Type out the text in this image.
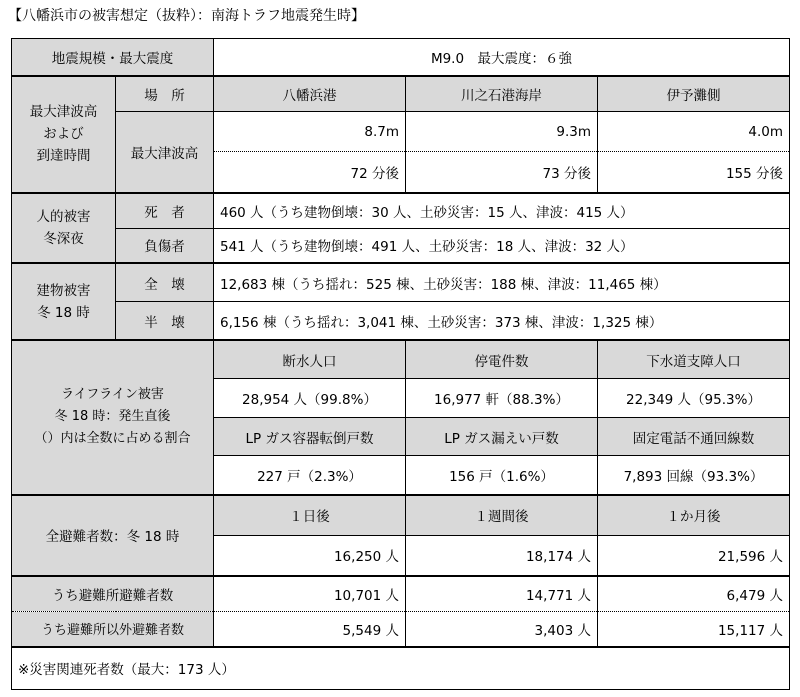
【八幡浜市の被害想定（抜粋）：南海トラフ地震発生時】
地震規模・最大震度		M9.0　最大震度：６強		
最大津波高
および
到達時間	場　所	八幡浜港	川之石港海岸	伊予灘側
	最大津波高	8.7m	9.3m	4.0m
		72 分後	73 分後	155 分後
人的被害
冬深夜	死　者	460 人（うち建物倒壊：30 人、土砂災害：15 人、津波：415 人）		
	負傷者	541 人（うち建物倒壊：491 人、土砂災害：18 人、津波：32 人）		
建物被害
冬 18 時	全　壊	12,683 棟（うち揺れ：525 棟、土砂災害：188 棟、津波：11,465 棟）		
	半　壊	6,156 棟（うち揺れ：3,041 棟、土砂災害：373 棟、津波：1,325 棟）		
ライフライン被害
冬 18 時：発生直後
（）内は全数に占める割合		断水人口	停電件数	下水道支障人口
		28,954 人（99.8%）	16,977 軒（88.3%）	22,349 人（95.3%）
		LP ガス容器転倒戸数	LP ガス漏えい戸数	固定電話不通回線数
		227 戸（2.3%）	156 戸（1.6%）	7,893 回線（93.3%）
全避難者数：冬 18 時		１日後	１週間後	１か月後
		16,250 人	18,174 人	21,596 人
うち避難所避難者数		10,701 人	14,771 人	6,479 人
うち避難所以外避難者数		5,549 人	3,403 人	15,117 人
※災害関連死者数（最大：173 人）				
